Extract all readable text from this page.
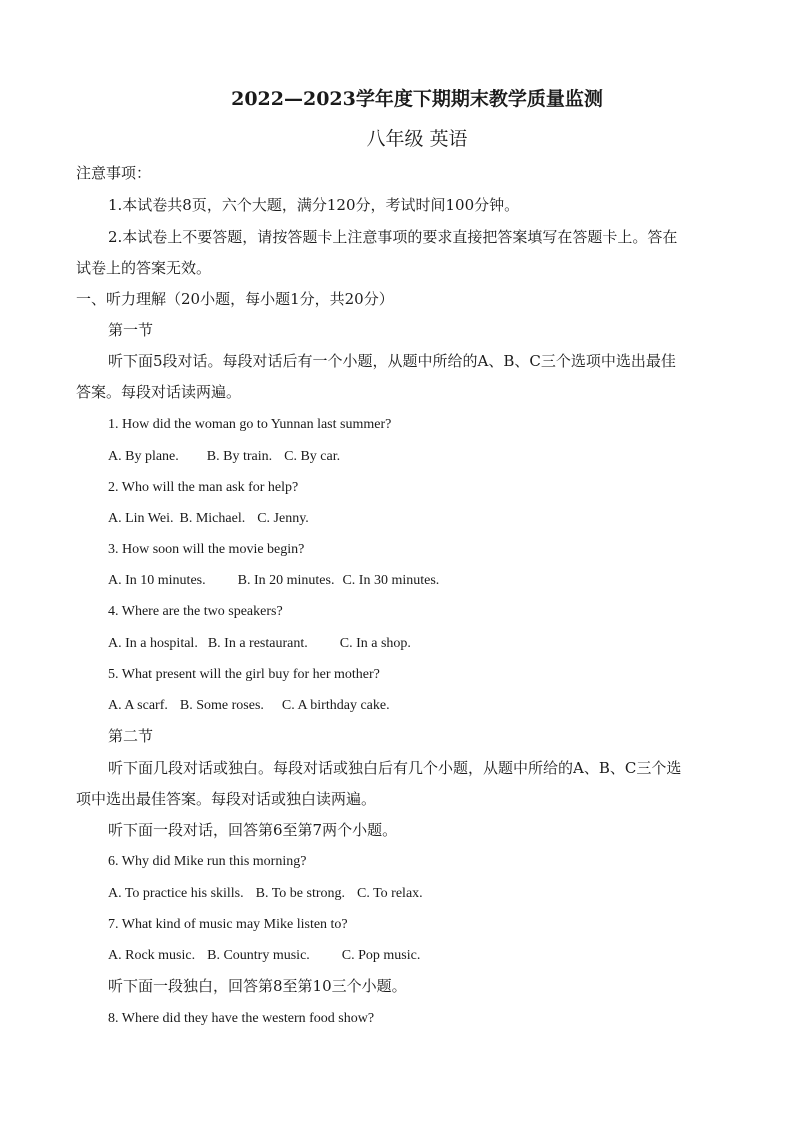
2022—2023学年度下期期末教学质量监测
八年级 英语
注意事项：
1.本试卷共8页，六个大题，满分120分，考试时间100分钟。
2.本试卷上不要答题，请按答题卡上注意事项的要求直接把答案填写在答题卡上。答在
试卷上的答案无效。
一、听力理解（20小题，每小题1分，共20分）
第一节
听下面5段对话。每段对话后有一个小题，从题中所给的A、B、C三个选项中选出最佳
答案。每段对话读两遍。
1. How did the woman go to Yunnan last summer?
A. By plane. B. By train. C. By car.
2. Who will the man ask for help?
A. Lin Wei. B. Michael. C. Jenny.
3. How soon will the movie begin?
A. In 10 minutes. B. In 20 minutes. C. In 30 minutes.
4. Where are the two speakers?
A. In a hospital. B. In a restaurant. C. In a shop.
5. What present will the girl buy for her mother?
A. A scarf. B. Some roses. C. A birthday cake.
第二节
听下面几段对话或独白。每段对话或独白后有几个小题，从题中所给的A、B、C三个选
项中选出最佳答案。每段对话或独白读两遍。
听下面一段对话，回答第6至第7两个小题。
6. Why did Mike run this morning?
A. To practice his skills. B. To be strong. C. To relax.
7. What kind of music may Mike listen to?
A. Rock music. B. Country music. C. Pop music.
听下面一段独白，回答第8至第10三个小题。
8. Where did they have the western food show?
